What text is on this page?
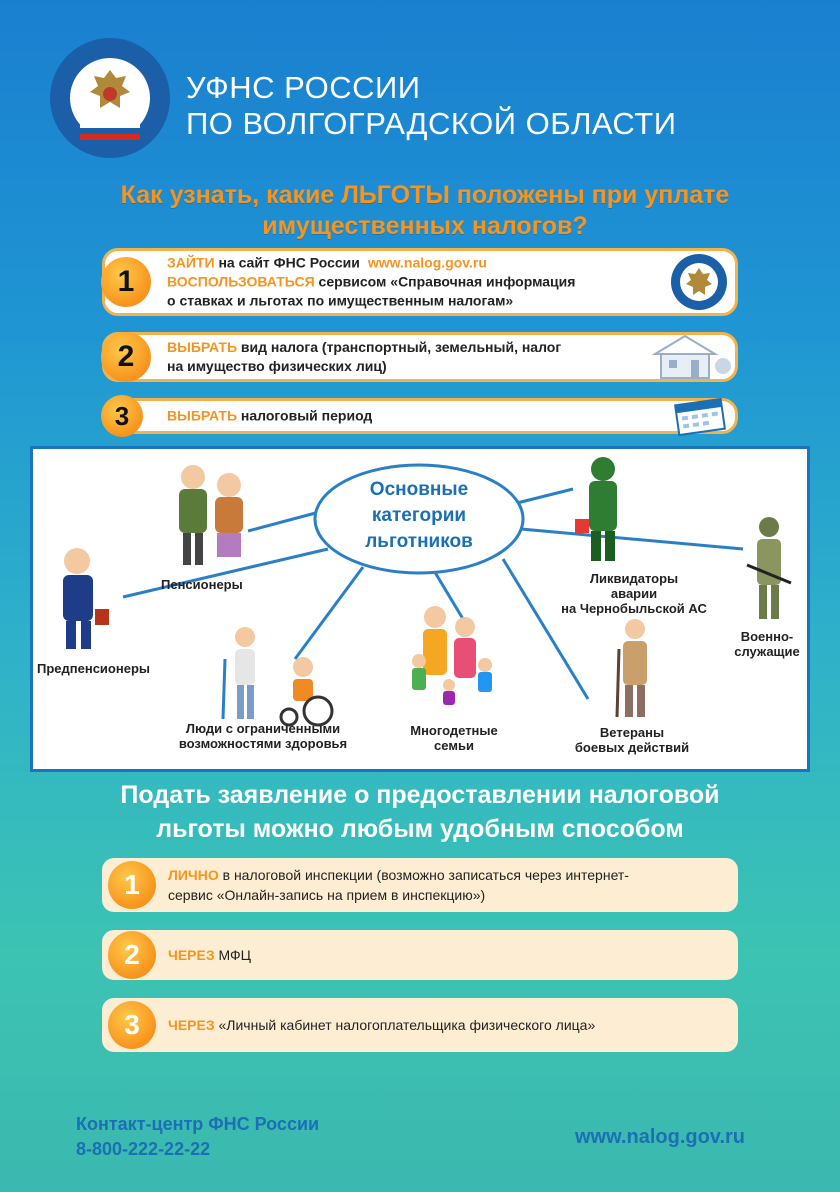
УФНС РОССИИ
ПО ВОЛГОГРАДСКОЙ ОБЛАСТИ
Как узнать, какие ЛЬГОТЫ положены при уплате
имущественных налогов?
1
ЗАЙТИ на сайт ФНС России www.nalog.gov.ru
ВОСПОЛЬЗОВАТЬСЯ сервисом «Справочная информация
о ставках и льготах по имущественным налогам»
2	ВЫБРАТЬ вид налога (транспортный, земельный, налог
на имущество физических лиц)
3	ВЫБРАТЬ налоговый период
Основные
категории
льготников
Пенсионеры
Предпенсионеры
Люди с ограниченными
возможностями здоровья
Многодетные
семьи
Ветераны
боевых действий
Ликвидаторы
аварии
на Чернобыльской АС
Военно-
служащие
Подать заявление о предоставлении налоговой
льготы можно любым удобным способом
1	ЛИЧНО в налоговой инспекции (возможно записаться через интернет-
сервис «Онлайн-запись на прием в инспекцию»)
2	ЧЕРЕЗ МФЦ
3	ЧЕРЕЗ «Личный кабинет налогоплательщика физического лица»
Контакт-центр ФНС России
8-800-222-22-22
www.nalog.gov.ru
